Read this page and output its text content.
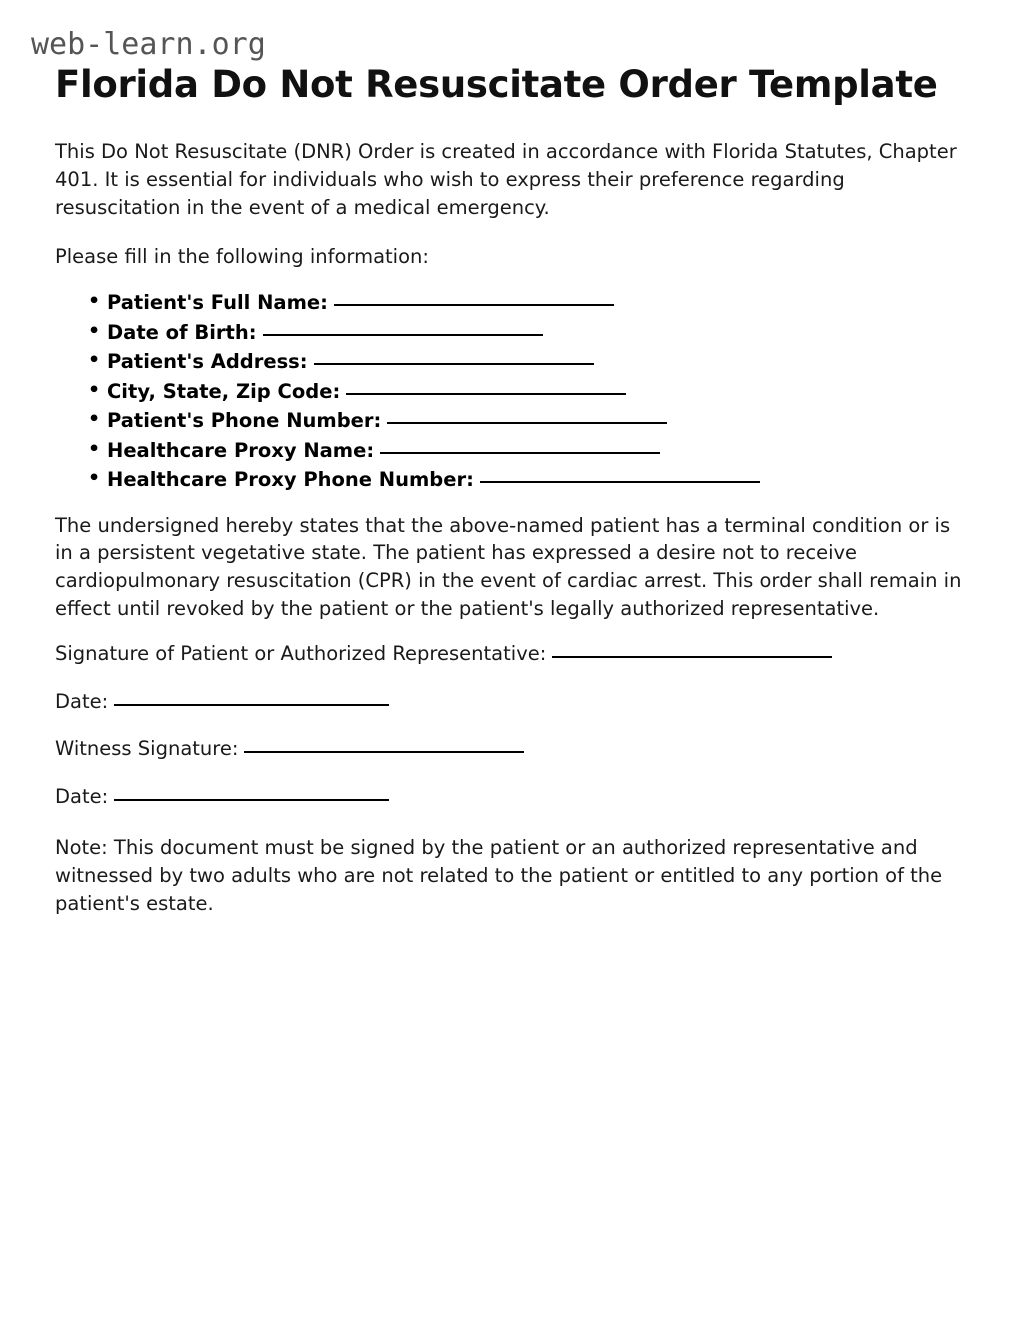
web-learn.org
Florida Do Not Resuscitate Order Template

This Do Not Resuscitate (DNR) Order is created in accordance with Florida Statutes, Chapter 401. It is essential for individuals who wish to express their preference regarding resuscitation in the event of a medical emergency.

Please fill in the following information:

• Patient's Full Name:
• Date of Birth:
• Patient's Address:
• City, State, Zip Code:
• Patient's Phone Number:
• Healthcare Proxy Name:
• Healthcare Proxy Phone Number:

The undersigned hereby states that the above-named patient has a terminal condition or is in a persistent vegetative state. The patient has expressed a desire not to receive cardiopulmonary resuscitation (CPR) in the event of cardiac arrest. This order shall remain in effect until revoked by the patient or the patient's legally authorized representative.

Signature of Patient or Authorized Representative:
Date:
Witness Signature:
Date:

Note: This document must be signed by the patient or an authorized representative and witnessed by two adults who are not related to the patient or entitled to any portion of the patient's estate.
